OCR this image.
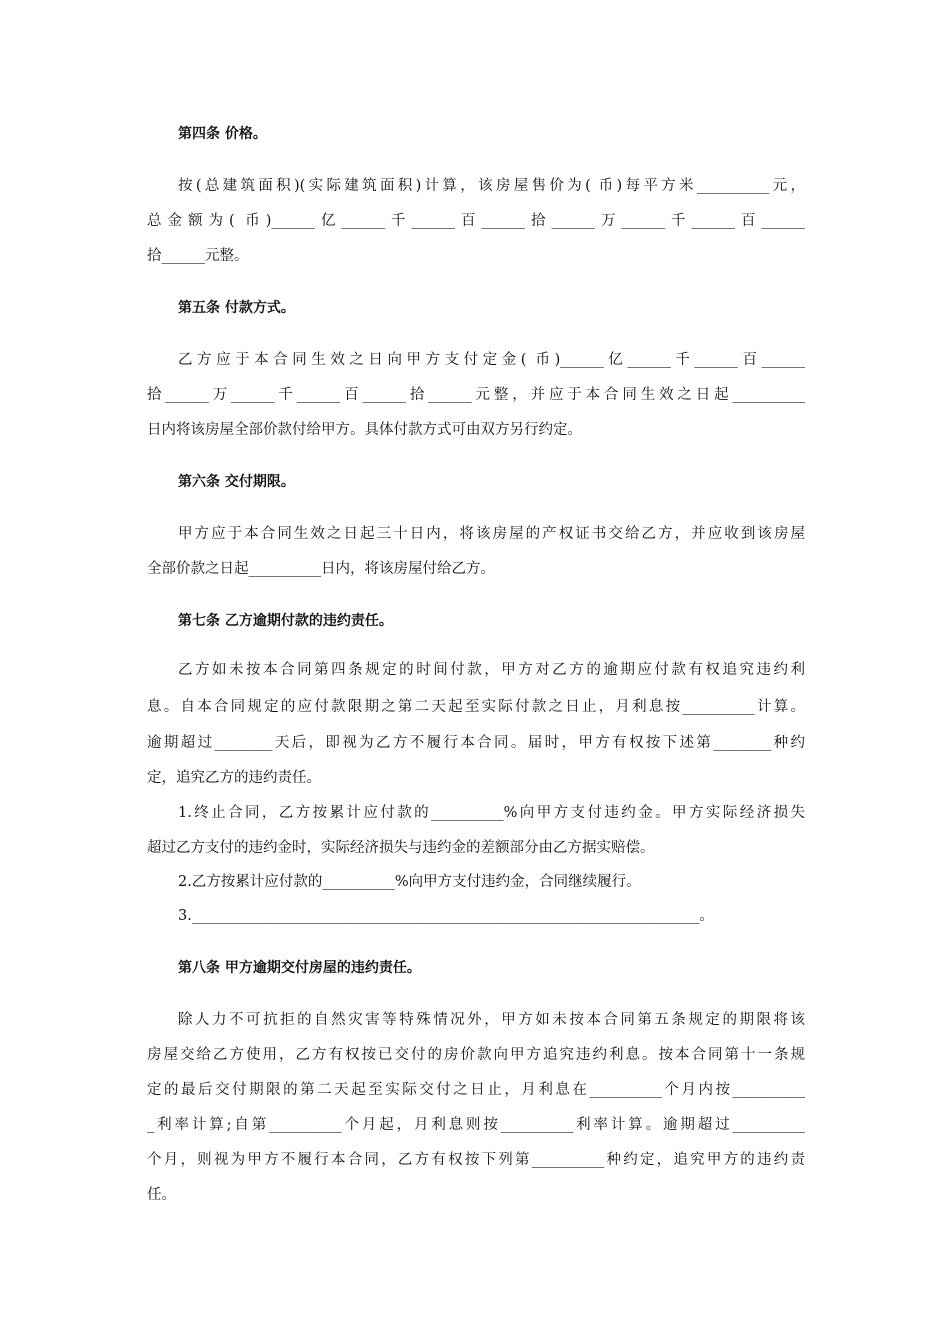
第四条 价格。
按(总建筑面积)(实际建筑面积)计算，该房屋售价为( 币)每平方米__________元，
总金额为( 币)______亿______千______百______拾______万______千______百______
拾______元整。
第五条 付款方式。
乙方应于本合同生效之日向甲方支付定金( 币)______亿______千______百______
拾______万______千______百______拾______元整，并应于本合同生效之日起__________
日内将该房屋全部价款付给甲方。具体付款方式可由双方另行约定。
第六条 交付期限。
甲方应于本合同生效之日起三十日内，将该房屋的产权证书交给乙方，并应收到该房屋
全部价款之日起__________日内，将该房屋付给乙方。
第七条 乙方逾期付款的违约责任。
乙方如未按本合同第四条规定的时间付款，甲方对乙方的逾期应付款有权追究违约利
息。自本合同规定的应付款限期之第二天起至实际付款之日止，月利息按__________计算。
逾期超过________天后，即视为乙方不履行本合同。届时，甲方有权按下述第________种约
定，追究乙方的违约责任。
1.终止合同，乙方按累计应付款的__________%向甲方支付违约金。甲方实际经济损失
超过乙方支付的违约金时，实际经济损失与违约金的差额部分由乙方据实赔偿。
2.乙方按累计应付款的__________%向甲方支付违约金，合同继续履行。
3.______________________________________________________________________。
第八条 甲方逾期交付房屋的违约责任。
除人力不可抗拒的自然灾害等特殊情况外，甲方如未按本合同第五条规定的期限将该
房屋交给乙方使用，乙方有权按已交付的房价款向甲方追究违约利息。按本合同第十一条规
定的最后交付期限的第二天起至实际交付之日止，月利息在__________个月内按__________
_利率计算;自第__________个月起，月利息则按__________利率计算。逾期超过__________
个月，则视为甲方不履行本合同，乙方有权按下列第__________种约定，追究甲方的违约责
任。
